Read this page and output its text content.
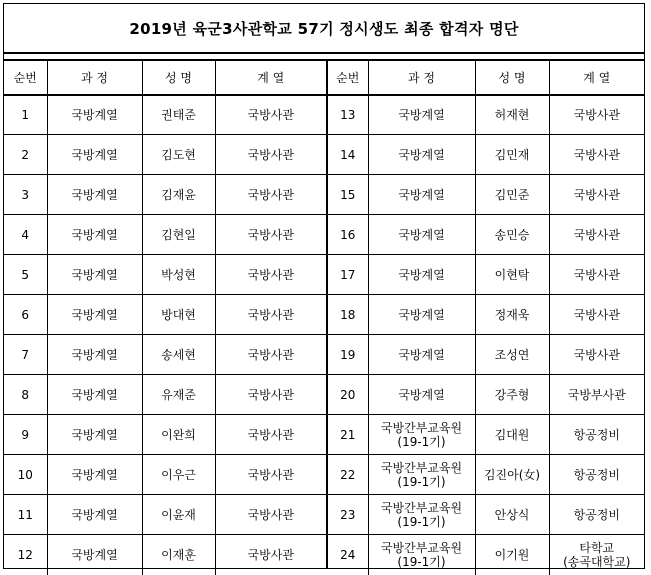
2019년 육군3사관학교 57기 정시생도 최종 합격자 명단
순번	과 정	성 명	계 열
1	국방계열	권태준	국방사관
2	국방계열	김도현	국방사관
3	국방계열	김재윤	국방사관
4	국방계열	김현일	국방사관
5	국방계열	박성현	국방사관
6	국방계열	방대현	국방사관
7	국방계열	송세현	국방사관
8	국방계열	유재준	국방사관
9	국방계열	이완희	국방사관
10	국방계열	이우근	국방사관
11	국방계열	이윤재	국방사관
12	국방계열	이재훈	국방사관
순번	과 정	성 명	계 열
13	국방계열	허재현	국방사관
14	국방계열	김민재	국방사관
15	국방계열	김민준	국방사관
16	국방계열	송민승	국방사관
17	국방계열	이현탁	국방사관
18	국방계열	정재욱	국방사관
19	국방계열	조성연	국방사관
20	국방계열	강주형	국방부사관
21	국방간부교육원
(19-1기)	김대원	항공정비
22	국방간부교육원
(19-1기)	김진아(女)	항공정비
23	국방간부교육원
(19-1기)	안상식	항공정비
24	국방간부교육원
(19-1기)	이기원	타학교
(송곡대학교)
